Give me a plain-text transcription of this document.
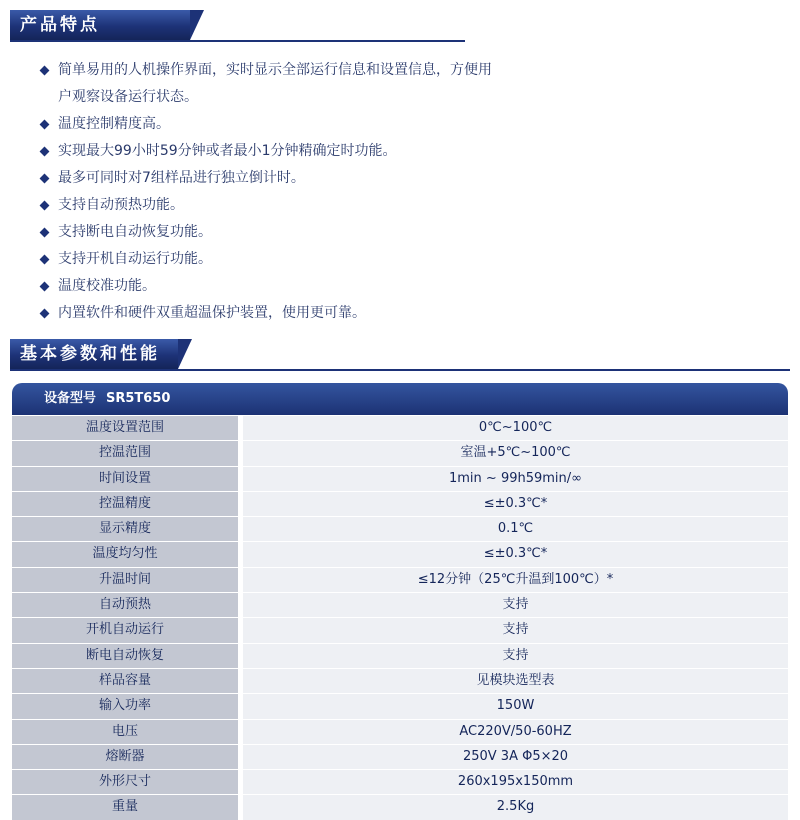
产品特点
简单易用的人机操作界面，实时显示全部运行信息和设置信息，方便用户观察设备运行状态。
温度控制精度高。
实现最大99小时59分钟或者最小1分钟精确定时功能。
最多可同时对7组样品进行独立倒计时。
支持自动预热功能。
支持断电自动恢复功能。
支持开机自动运行功能。
温度校准功能。
内置软件和硬件双重超温保护装置，使用更可靠。
基本参数和性能
设备型号 SR5T650
温度设置范围	0℃~100℃
控温范围	室温+5℃~100℃
时间设置	1min ~ 99h59min/∞
控温精度	≤±0.3℃*
显示精度	0.1℃
温度均匀性	≤±0.3℃*
升温时间	≤12分钟（25℃升温到100℃）*
自动预热	支持
开机自动运行	支持
断电自动恢复	支持
样品容量	见模块选型表
输入功率	150W
电压	AC220V/50-60HZ
熔断器	250V 3A Φ5×20
外形尺寸	260x195x150mm
重量	2.5Kg
